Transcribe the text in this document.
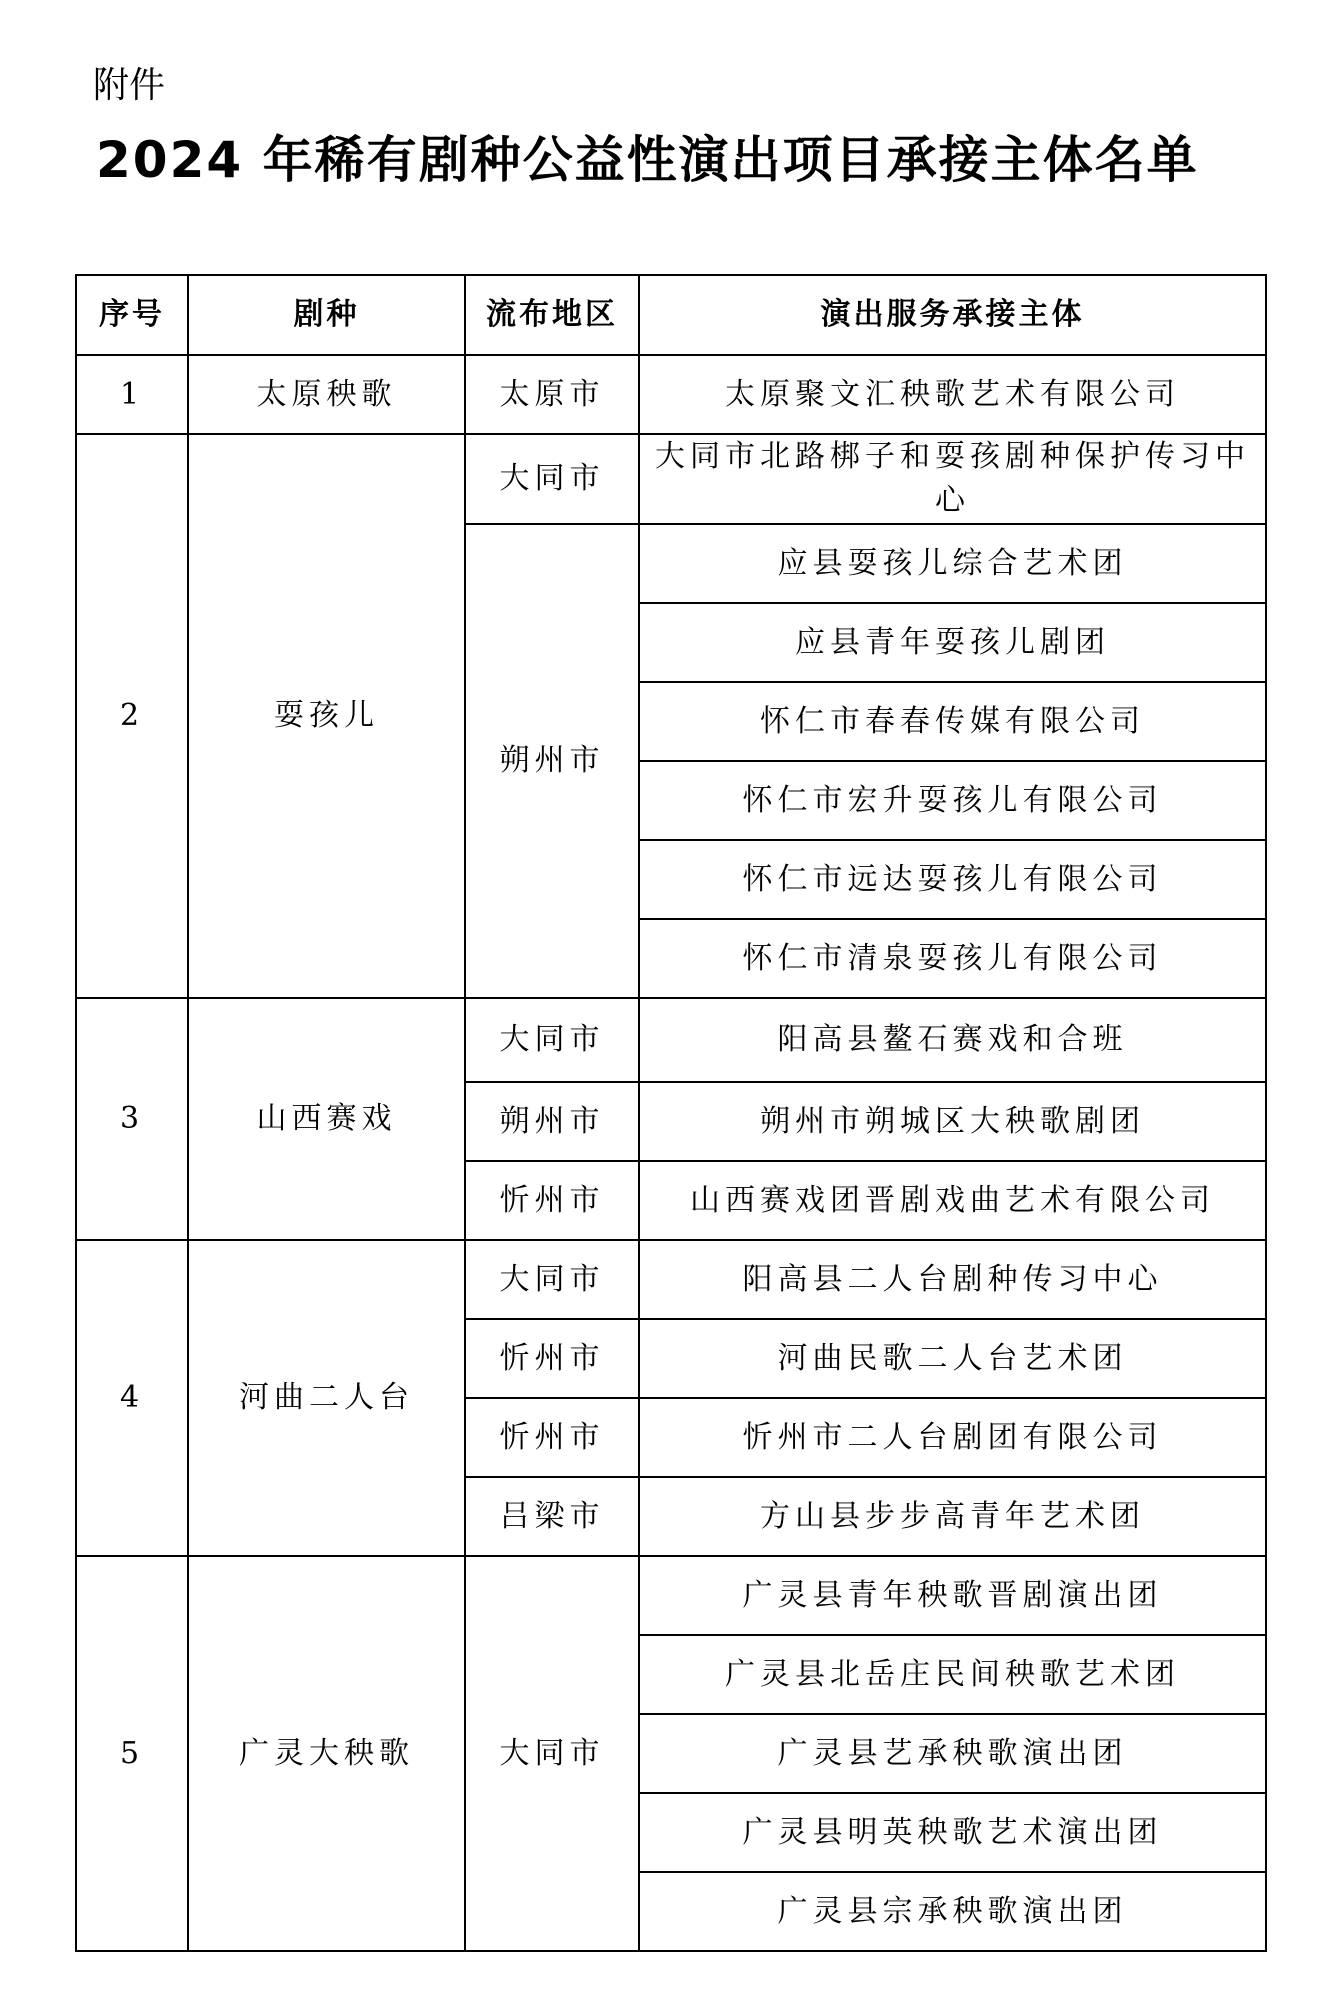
附件
2024 年稀有剧种公益性演出项目承接主体名单
序号	剧种	流布地区	演出服务承接主体
1	太原秧歌	太原市	太原聚文汇秧歌艺术有限公司
2	耍孩儿	大同市	大同市北路梆子和耍孩剧种保护传习中心
		朔州市	应县耍孩儿综合艺术团
			应县青年耍孩儿剧团
			怀仁市春春传媒有限公司
			怀仁市宏升耍孩儿有限公司
			怀仁市远达耍孩儿有限公司
			怀仁市清泉耍孩儿有限公司
3	山西赛戏	大同市	阳高县鳌石赛戏和合班
		朔州市	朔州市朔城区大秧歌剧团
		忻州市	山西赛戏团晋剧戏曲艺术有限公司
4	河曲二人台	大同市	阳高县二人台剧种传习中心
		忻州市	河曲民歌二人台艺术团
		忻州市	忻州市二人台剧团有限公司
		吕梁市	方山县步步高青年艺术团
5	广灵大秧歌	大同市	广灵县青年秧歌晋剧演出团
			广灵县北岳庄民间秧歌艺术团
			广灵县艺承秧歌演出团
			广灵县明英秧歌艺术演出团
			广灵县宗承秧歌演出团
